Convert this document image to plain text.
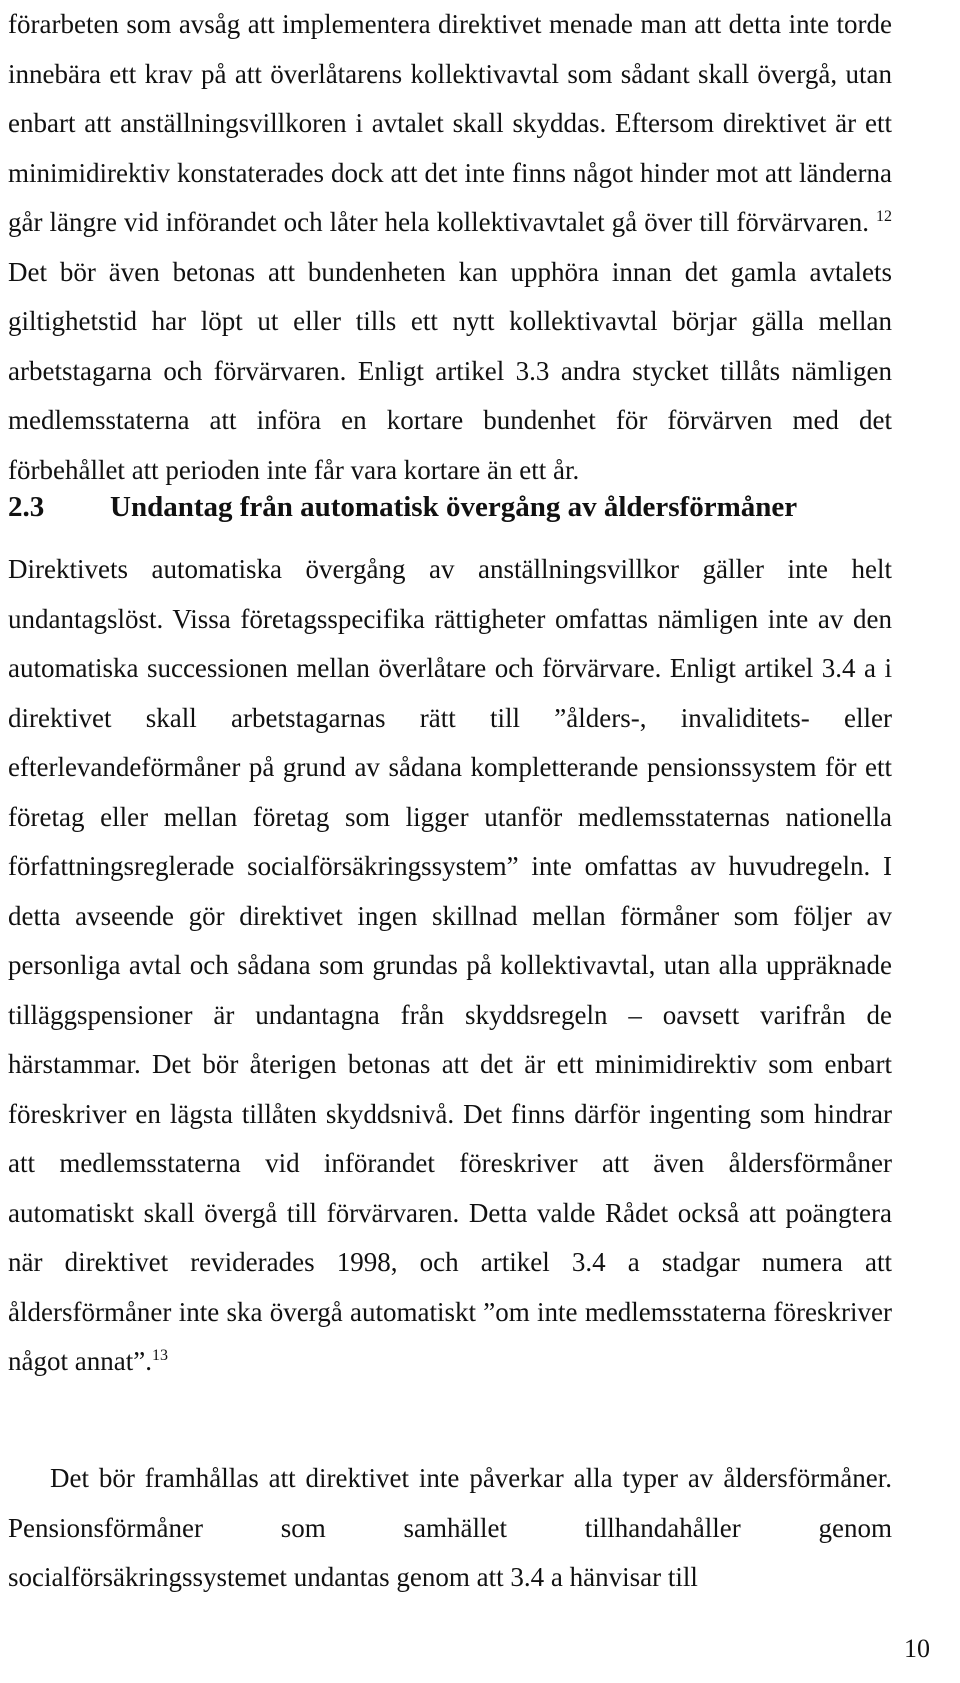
förarbeten som avsåg att implementera direktivet menade man att detta inte torde innebära ett krav på att överlåtarens kollektivavtal som sådant skall övergå, utan enbart att anställningsvillkoren i avtalet skall skyddas. Eftersom direktivet är ett minimidirektiv konstaterades dock att det inte finns något hinder mot att länderna går längre vid införandet och låter hela kollektivavtalet gå över till förvärvaren. $^{12}$ Det bör även betonas att bundenheten kan upphöra innan det gamla avtalets giltighetstid har löpt ut eller tills ett nytt kollektivavtal börjar gälla mellan arbetstagarna och förvärvaren. Enligt artikel 3.3 andra stycket tillåts nämligen medlemsstaterna att införa en kortare bundenhet för förvärven med det förbehållet att perioden inte får vara kortare än ett år.

2.3 Undantag från automatisk övergång av åldersförmåner

Direktivets automatiska övergång av anställningsvillkor gäller inte helt undantagslöst. Vissa företagsspecifika rättigheter omfattas nämligen inte av den automatiska successionen mellan överlåtare och förvärvare. Enligt artikel 3.4 a i direktivet skall arbetstagarnas rätt till ”ålders-, invaliditets- eller efterlevandeförmåner på grund av sådana kompletterande pensionssystem för ett företag eller mellan företag som ligger utanför medlemsstaternas nationella författningsreglerade socialförsäkringssystem” inte omfattas av huvudregeln. I detta avseende gör direktivet ingen skillnad mellan förmåner som följer av personliga avtal och sådana som grundas på kollektivavtal, utan alla uppräknade tilläggspensioner är undantagna från skyddsregeln – oavsett varifrån de härstammar. Det bör återigen betonas att det är ett minimidirektiv som enbart föreskriver en lägsta tillåten skyddsnivå. Det finns därför ingenting som hindrar att medlemsstaterna vid införandet föreskriver att även åldersförmåner automatiskt skall övergå till förvärvaren. Detta valde Rådet också att poängtera när direktivet reviderades 1998, och artikel 3.4 a stadgar numera att åldersförmåner inte ska övergå automatiskt ”om inte medlemsstaterna föreskriver något annat”.$^{13}$

Det bör framhållas att direktivet inte påverkar alla typer av åldersförmåner. Pensionsförmåner som samhället tillhandahåller genom socialförsäkringssystemet undantas genom att 3.4 a hänvisar till

10
